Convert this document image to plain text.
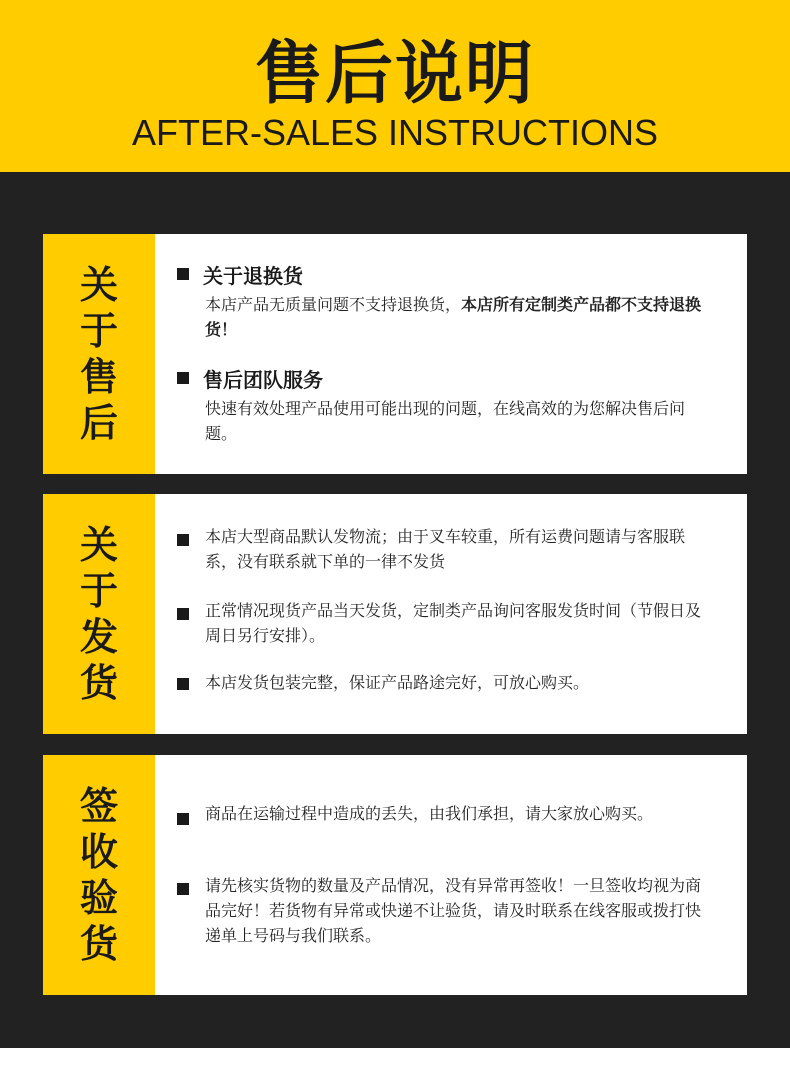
售后说明
AFTER-SALES INSTRUCTIONS
关
于
售
后
关于退换货
本店产品无质量问题不支持退换货，本店所有定制类产品都不支持退换货！
售后团队服务
快速有效处理产品使用可能出现的问题，在线高效的为您解决售后问题。
关
于
发
货
本店大型商品默认发物流；由于叉车较重，所有运费问题请与客服联系，没有联系就下单的一律不发货
正常情况现货产品当天发货，定制类产品询问客服发货时间（节假日及周日另行安排）。
本店发货包装完整，保证产品路途完好，可放心购买。
签
收
验
货
商品在运输过程中造成的丢失，由我们承担，请大家放心购买。
请先核实货物的数量及产品情况，没有异常再签收！一旦签收均视为商品完好！若货物有异常或快递不让验货，请及时联系在线客服或拨打快递单上号码与我们联系。
